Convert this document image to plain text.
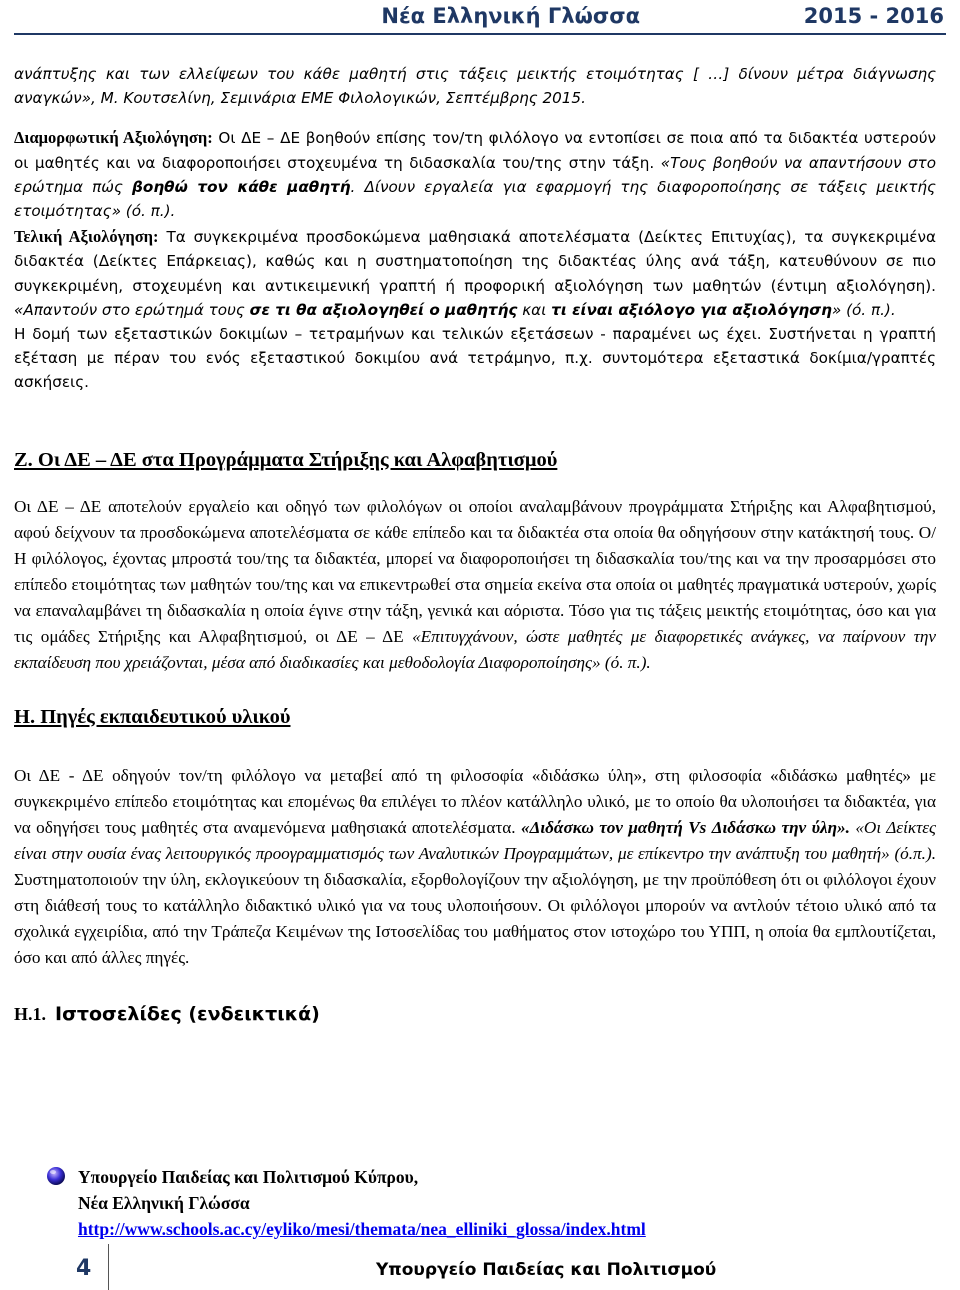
Νέα Ελληνική Γλώσσα	2015 - 2016

ανάπτυξης και των ελλείψεων του κάθε μαθητή στις τάξεις μεικτής ετοιμότητας [ …] δίνουν μέτρα διάγνωσης αναγκών», Μ. Κουτσελίνη, Σεμινάρια ΕΜΕ Φιλολογικών, Σεπτέμβρης 2015.

Διαμορφωτική Αξιολόγηση: Οι ΔΕ – ΔΕ βοηθούν επίσης τον/τη φιλόλογο να εντοπίσει σε ποια από τα διδακτέα υστερούν οι μαθητές και να διαφοροποιήσει στοχευμένα τη διδασκαλία του/της στην τάξη. «Τους βοηθούν να απαντήσουν στο ερώτημα πώς βοηθώ τον κάθε μαθητή. Δίνουν εργαλεία για εφαρμογή της διαφοροποίησης σε τάξεις μεικτής ετοιμότητας» (ό. π.).

Τελική Αξιολόγηση: Τα συγκεκριμένα προσδοκώμενα μαθησιακά αποτελέσματα (Δείκτες Επιτυχίας), τα συγκεκριμένα διδακτέα (Δείκτες Επάρκειας), καθώς και η συστηματοποίηση της διδακτέας ύλης ανά τάξη, κατευθύνουν σε πιο συγκεκριμένη, στοχευμένη και αντικειμενική γραπτή ή προφορική αξιολόγηση των μαθητών (έντιμη αξιολόγηση). «Απαντούν στο ερώτημά τους σε τι θα αξιολογηθεί ο μαθητής και τι είναι αξιόλογο για αξιολόγηση» (ό. π.).

Η δομή των εξεταστικών δοκιμίων – τετραμήνων και τελικών εξετάσεων - παραμένει ως έχει. Συστήνεται η γραπτή εξέταση με πέραν του ενός εξεταστικού δοκιμίου ανά τετράμηνο, π.χ. συντομότερα εξεταστικά δοκίμια/γραπτές ασκήσεις.

Ζ. Οι ΔΕ – ΔΕ στα Προγράμματα Στήριξης και Αλφαβητισμού

Οι ΔΕ – ΔΕ αποτελούν εργαλείο και οδηγό των φιλολόγων οι οποίοι αναλαμβάνουν προγράμματα Στήριξης και Αλφαβητισμού, αφού δείχνουν τα προσδοκώμενα αποτελέσματα σε κάθε επίπεδο και τα διδακτέα στα οποία θα οδηγήσουν στην κατάκτησή τους. Ο/Η φιλόλογος, έχοντας μπροστά του/της τα διδακτέα, μπορεί να διαφοροποιήσει τη διδασκαλία του/της και να την προσαρμόσει στο επίπεδο ετοιμότητας των μαθητών του/της και να επικεντρωθεί στα σημεία εκείνα στα οποία οι μαθητές πραγματικά υστερούν, χωρίς να επαναλαμβάνει τη διδασκαλία η οποία έγινε στην τάξη, γενικά και αόριστα. Τόσο για τις τάξεις μεικτής ετοιμότητας, όσο και για τις ομάδες Στήριξης και Αλφαβητισμού, οι ΔΕ – ΔΕ «Επιτυγχάνουν, ώστε μαθητές με διαφορετικές ανάγκες, να παίρνουν την εκπαίδευση που χρειάζονται, μέσα από διαδικασίες και μεθοδολογία Διαφοροποίησης» (ό. π.).

Η. Πηγές εκπαιδευτικού υλικού

Οι ΔΕ - ΔΕ οδηγούν τον/τη φιλόλογο να μεταβεί από τη φιλοσοφία «διδάσκω ύλη», στη φιλοσοφία «διδάσκω μαθητές» με συγκεκριμένο επίπεδο ετοιμότητας και επομένως θα επιλέγει το πλέον κατάλληλο υλικό, με το οποίο θα υλοποιήσει τα διδακτέα, για να οδηγήσει τους μαθητές στα αναμενόμενα μαθησιακά αποτελέσματα. «Διδάσκω τον μαθητή Vs Διδάσκω την ύλη». «Οι Δείκτες είναι στην ουσία ένας λειτουργικός προογραμματισμός των Αναλυτικών Προγραμμάτων, με επίκεντρο την ανάπτυξη του μαθητή» (ό.π.). Συστηματοποιούν την ύλη, εκλογικεύουν τη διδασκαλία, εξορθολογίζουν την αξιολόγηση, με την προϋπόθεση ότι οι φιλόλογοι έχουν στη διάθεσή τους το κατάλληλο διδακτικό υλικό για να τους υλοποιήσουν. Οι φιλόλογοι μπορούν να αντλούν τέτοιο υλικό από τα σχολικά εγχειρίδια, από την Τράπεζα Κειμένων της Ιστοσελίδας του μαθήματος στον ιστοχώρο του ΥΠΠ, η οποία θα εμπλουτίζεται, όσο και από άλλες πηγές.

Η.1. Ιστοσελίδες (ενδεικτικά)
Υπουργείο Παιδείας και Πολιτισμού Κύπρου,
Νέα Ελληνική Γλώσσα
http://www.schools.ac.cy/eyliko/mesi/themata/nea_elliniki_glossa/index.html
4	Υπουργείο Παιδείας και Πολιτισμού
